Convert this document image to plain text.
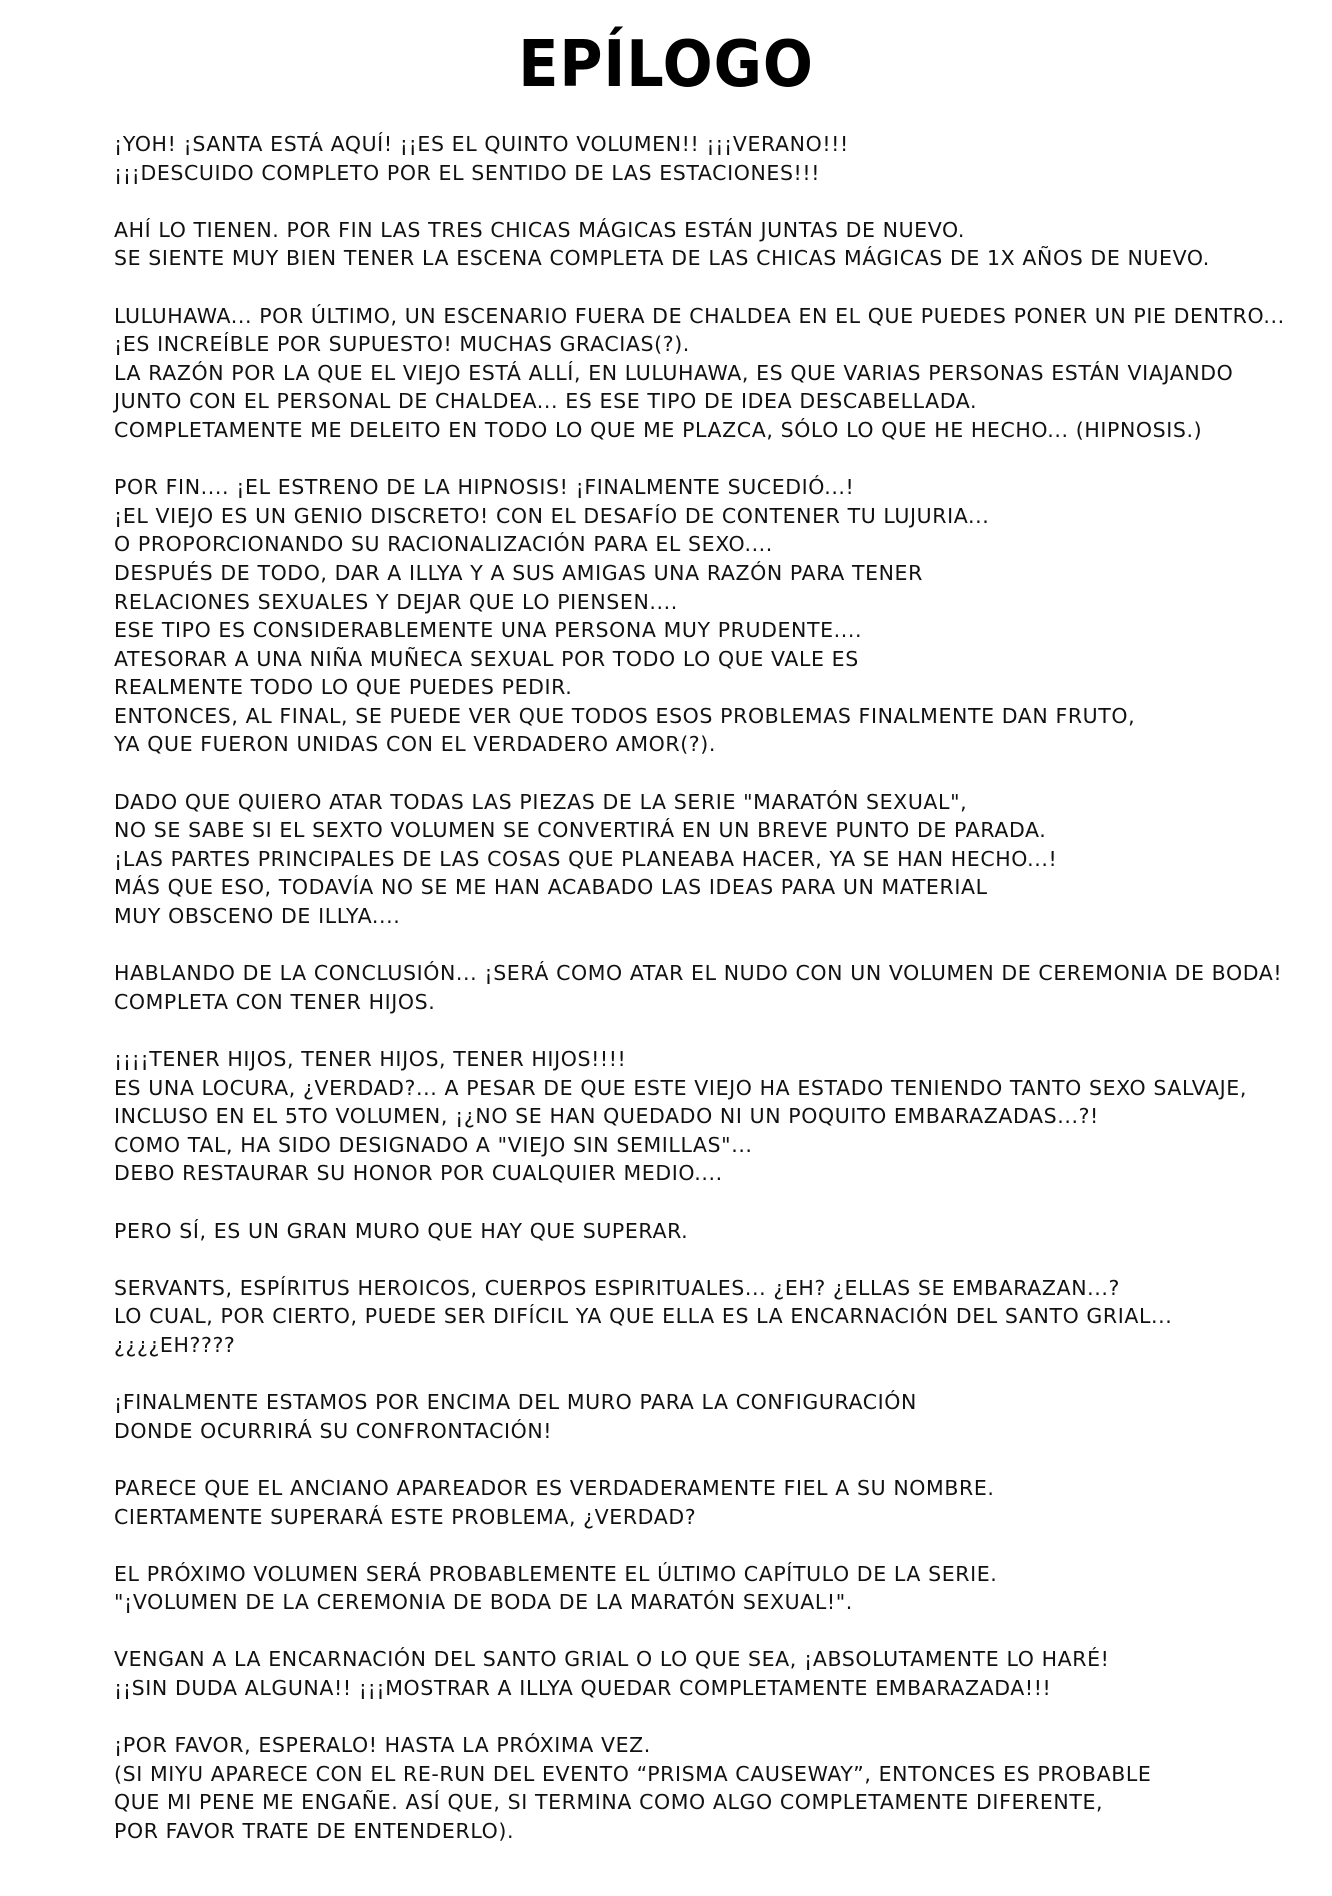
EPÍLOGO
¡YOH! ¡SANTA ESTÁ AQUÍ! ¡¡ES EL QUINTO VOLUMEN!! ¡¡¡VERANO!!!
¡¡¡DESCUIDO COMPLETO POR EL SENTIDO DE LAS ESTACIONES!!!
AHÍ LO TIENEN. POR FIN LAS TRES CHICAS MÁGICAS ESTÁN JUNTAS DE NUEVO.
SE SIENTE MUY BIEN TENER LA ESCENA COMPLETA DE LAS CHICAS MÁGICAS DE 1X AÑOS DE NUEVO.
LULUHAWA... POR ÚLTIMO, UN ESCENARIO FUERA DE CHALDEA EN EL QUE PUEDES PONER UN PIE DENTRO...
¡ES INCREÍBLE POR SUPUESTO! MUCHAS GRACIAS(?).
LA RAZÓN POR LA QUE EL VIEJO ESTÁ ALLÍ, EN LULUHAWA, ES QUE VARIAS PERSONAS ESTÁN VIAJANDO
JUNTO CON EL PERSONAL DE CHALDEA... ES ESE TIPO DE IDEA DESCABELLADA.
COMPLETAMENTE ME DELEITO EN TODO LO QUE ME PLAZCA, SÓLO LO QUE HE HECHO... (HIPNOSIS.)
POR FIN.... ¡EL ESTRENO DE LA HIPNOSIS! ¡FINALMENTE SUCEDIÓ...!
¡EL VIEJO ES UN GENIO DISCRETO! CON EL DESAFÍO DE CONTENER TU LUJURIA...
O PROPORCIONANDO SU RACIONALIZACIÓN PARA EL SEXO....
DESPUÉS DE TODO, DAR A ILLYA Y A SUS AMIGAS UNA RAZÓN PARA TENER
RELACIONES SEXUALES Y DEJAR QUE LO PIENSEN....
ESE TIPO ES CONSIDERABLEMENTE UNA PERSONA MUY PRUDENTE....
ATESORAR A UNA NIÑA MUÑECA SEXUAL POR TODO LO QUE VALE ES
REALMENTE TODO LO QUE PUEDES PEDIR.
ENTONCES, AL FINAL, SE PUEDE VER QUE TODOS ESOS PROBLEMAS FINALMENTE DAN FRUTO,
YA QUE FUERON UNIDAS CON EL VERDADERO AMOR(?).
DADO QUE QUIERO ATAR TODAS LAS PIEZAS DE LA SERIE "MARATÓN SEXUAL",
NO SE SABE SI EL SEXTO VOLUMEN SE CONVERTIRÁ EN UN BREVE PUNTO DE PARADA.
¡LAS PARTES PRINCIPALES DE LAS COSAS QUE PLANEABA HACER, YA SE HAN HECHO...!
MÁS QUE ESO, TODAVÍA NO SE ME HAN ACABADO LAS IDEAS PARA UN MATERIAL
MUY OBSCENO DE ILLYA....
HABLANDO DE LA CONCLUSIÓN... ¡SERÁ COMO ATAR EL NUDO CON UN VOLUMEN DE CEREMONIA DE BODA!
COMPLETA CON TENER HIJOS.
¡¡¡¡TENER HIJOS, TENER HIJOS, TENER HIJOS!!!!
ES UNA LOCURA, ¿VERDAD?... A PESAR DE QUE ESTE VIEJO HA ESTADO TENIENDO TANTO SEXO SALVAJE,
INCLUSO EN EL 5TO VOLUMEN, ¡¿NO SE HAN QUEDADO NI UN POQUITO EMBARAZADAS...?!
COMO TAL, HA SIDO DESIGNADO A "VIEJO SIN SEMILLAS"...
DEBO RESTAURAR SU HONOR POR CUALQUIER MEDIO....
PERO SÍ, ES UN GRAN MURO QUE HAY QUE SUPERAR.
SERVANTS, ESPÍRITUS HEROICOS, CUERPOS ESPIRITUALES... ¿EH? ¿ELLAS SE EMBARAZAN...?
LO CUAL, POR CIERTO, PUEDE SER DIFÍCIL YA QUE ELLA ES LA ENCARNACIÓN DEL SANTO GRIAL...
¿¿¿¿EH????
¡FINALMENTE ESTAMOS POR ENCIMA DEL MURO PARA LA CONFIGURACIÓN
DONDE OCURRIRÁ SU CONFRONTACIÓN!
PARECE QUE EL ANCIANO APAREADOR ES VERDADERAMENTE FIEL A SU NOMBRE.
CIERTAMENTE SUPERARÁ ESTE PROBLEMA, ¿VERDAD?
EL PRÓXIMO VOLUMEN SERÁ PROBABLEMENTE EL ÚLTIMO CAPÍTULO DE LA SERIE.
"¡VOLUMEN DE LA CEREMONIA DE BODA DE LA MARATÓN SEXUAL!".
VENGAN A LA ENCARNACIÓN DEL SANTO GRIAL O LO QUE SEA, ¡ABSOLUTAMENTE LO HARÉ!
¡¡SIN DUDA ALGUNA!! ¡¡¡MOSTRAR A ILLYA QUEDAR COMPLETAMENTE EMBARAZADA!!!
¡POR FAVOR, ESPERALO! HASTA LA PRÓXIMA VEZ.
(SI MIYU APARECE CON EL RE-RUN DEL EVENTO “PRISMA CAUSEWAY”, ENTONCES ES PROBABLE
QUE MI PENE ME ENGAÑE. ASÍ QUE, SI TERMINA COMO ALGO COMPLETAMENTE DIFERENTE,
POR FAVOR TRATE DE ENTENDERLO).
